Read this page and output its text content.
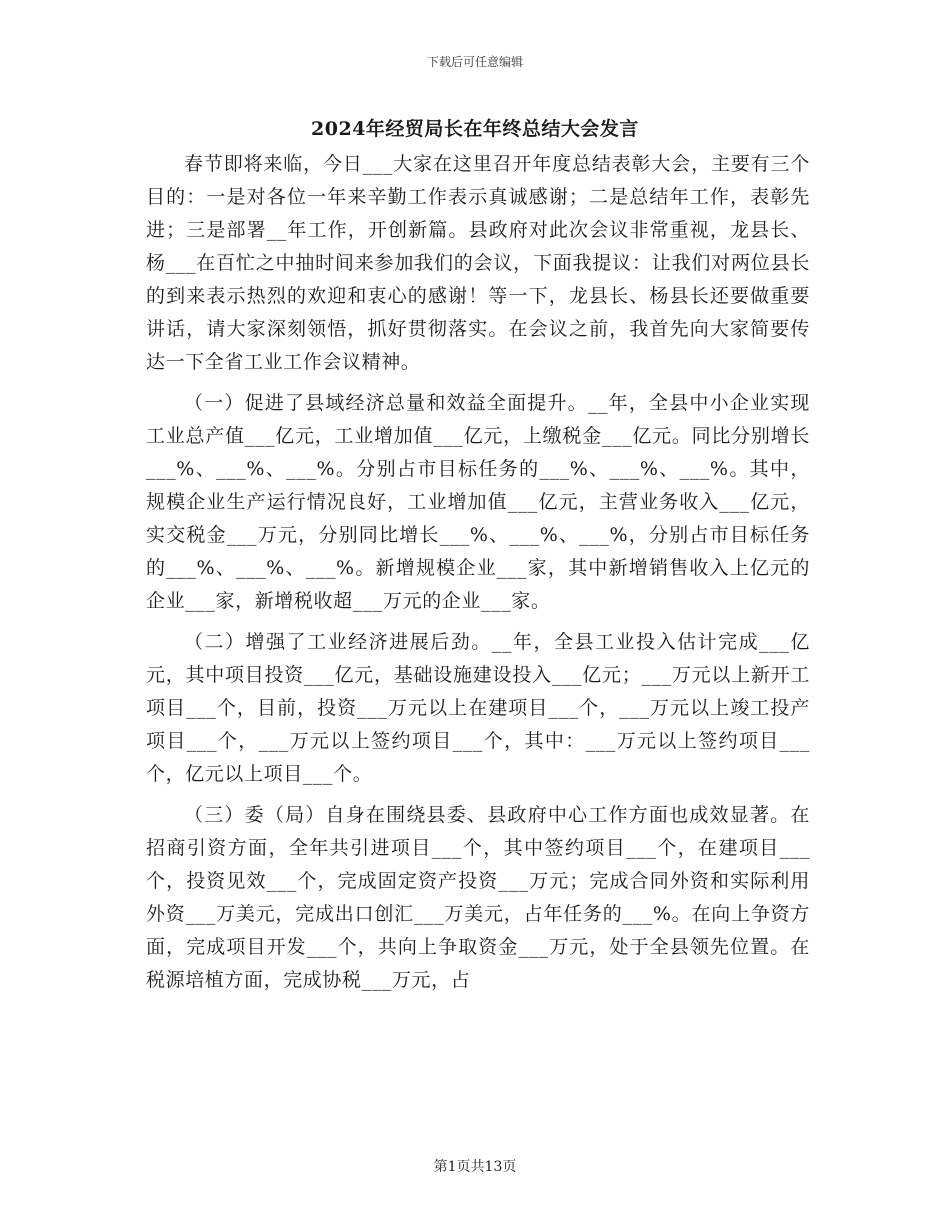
下载后可任意编辑
2024年经贸局长在年终总结大会发言

春节即将来临，今日___大家在这里召开年度总结表彰大会，主要有三个目的：一是对各位一年来辛勤工作表示真诚感谢；二是总结年工作，表彰先进；三是部署__年工作，开创新篇。县政府对此次会议非常重视，龙县长、杨___在百忙之中抽时间来参加我们的会议，下面我提议：让我们对两位县长的到来表示热烈的欢迎和衷心的感谢！等一下，龙县长、杨县长还要做重要讲话，请大家深刻领悟，抓好贯彻落实。在会议之前，我首先向大家简要传达一下全省工业工作会议精神。

（一）促进了县域经济总量和效益全面提升。__年，全县中小企业实现工业总产值___亿元，工业增加值___亿元，上缴税金___亿元。同比分别增长___%、___%、___%。分别占市目标任务的___%、___%、___%。其中，规模企业生产运行情况良好，工业增加值___亿元，主营业务收入___亿元，实交税金___万元，分别同比增长___%、___%、___%，分别占市目标任务的___%、___%、___%。新增规模企业___家，其中新增销售收入上亿元的企业___家，新增税收超___万元的企业___家。

（二）增强了工业经济进展后劲。__年，全县工业投入估计完成___亿元，其中项目投资___亿元，基础设施建设投入___亿元；___万元以上新开工项目___个，目前，投资___万元以上在建项目___个，___万元以上竣工投产项目___个，___万元以上签约项目___个，其中：___万元以上签约项目___个，亿元以上项目___个。

（三）委（局）自身在围绕县委、县政府中心工作方面也成效显著。在招商引资方面，全年共引进项目___个，其中签约项目___个，在建项目___个，投资见效___个，完成固定资产投资___万元；完成合同外资和实际利用外资___万美元，完成出口创汇___万美元，占年任务的___%。在向上争资方面，完成项目开发___个，共向上争取资金___万元，处于全县领先位置。在税源培植方面，完成协税___万元，占

第1页共13页
